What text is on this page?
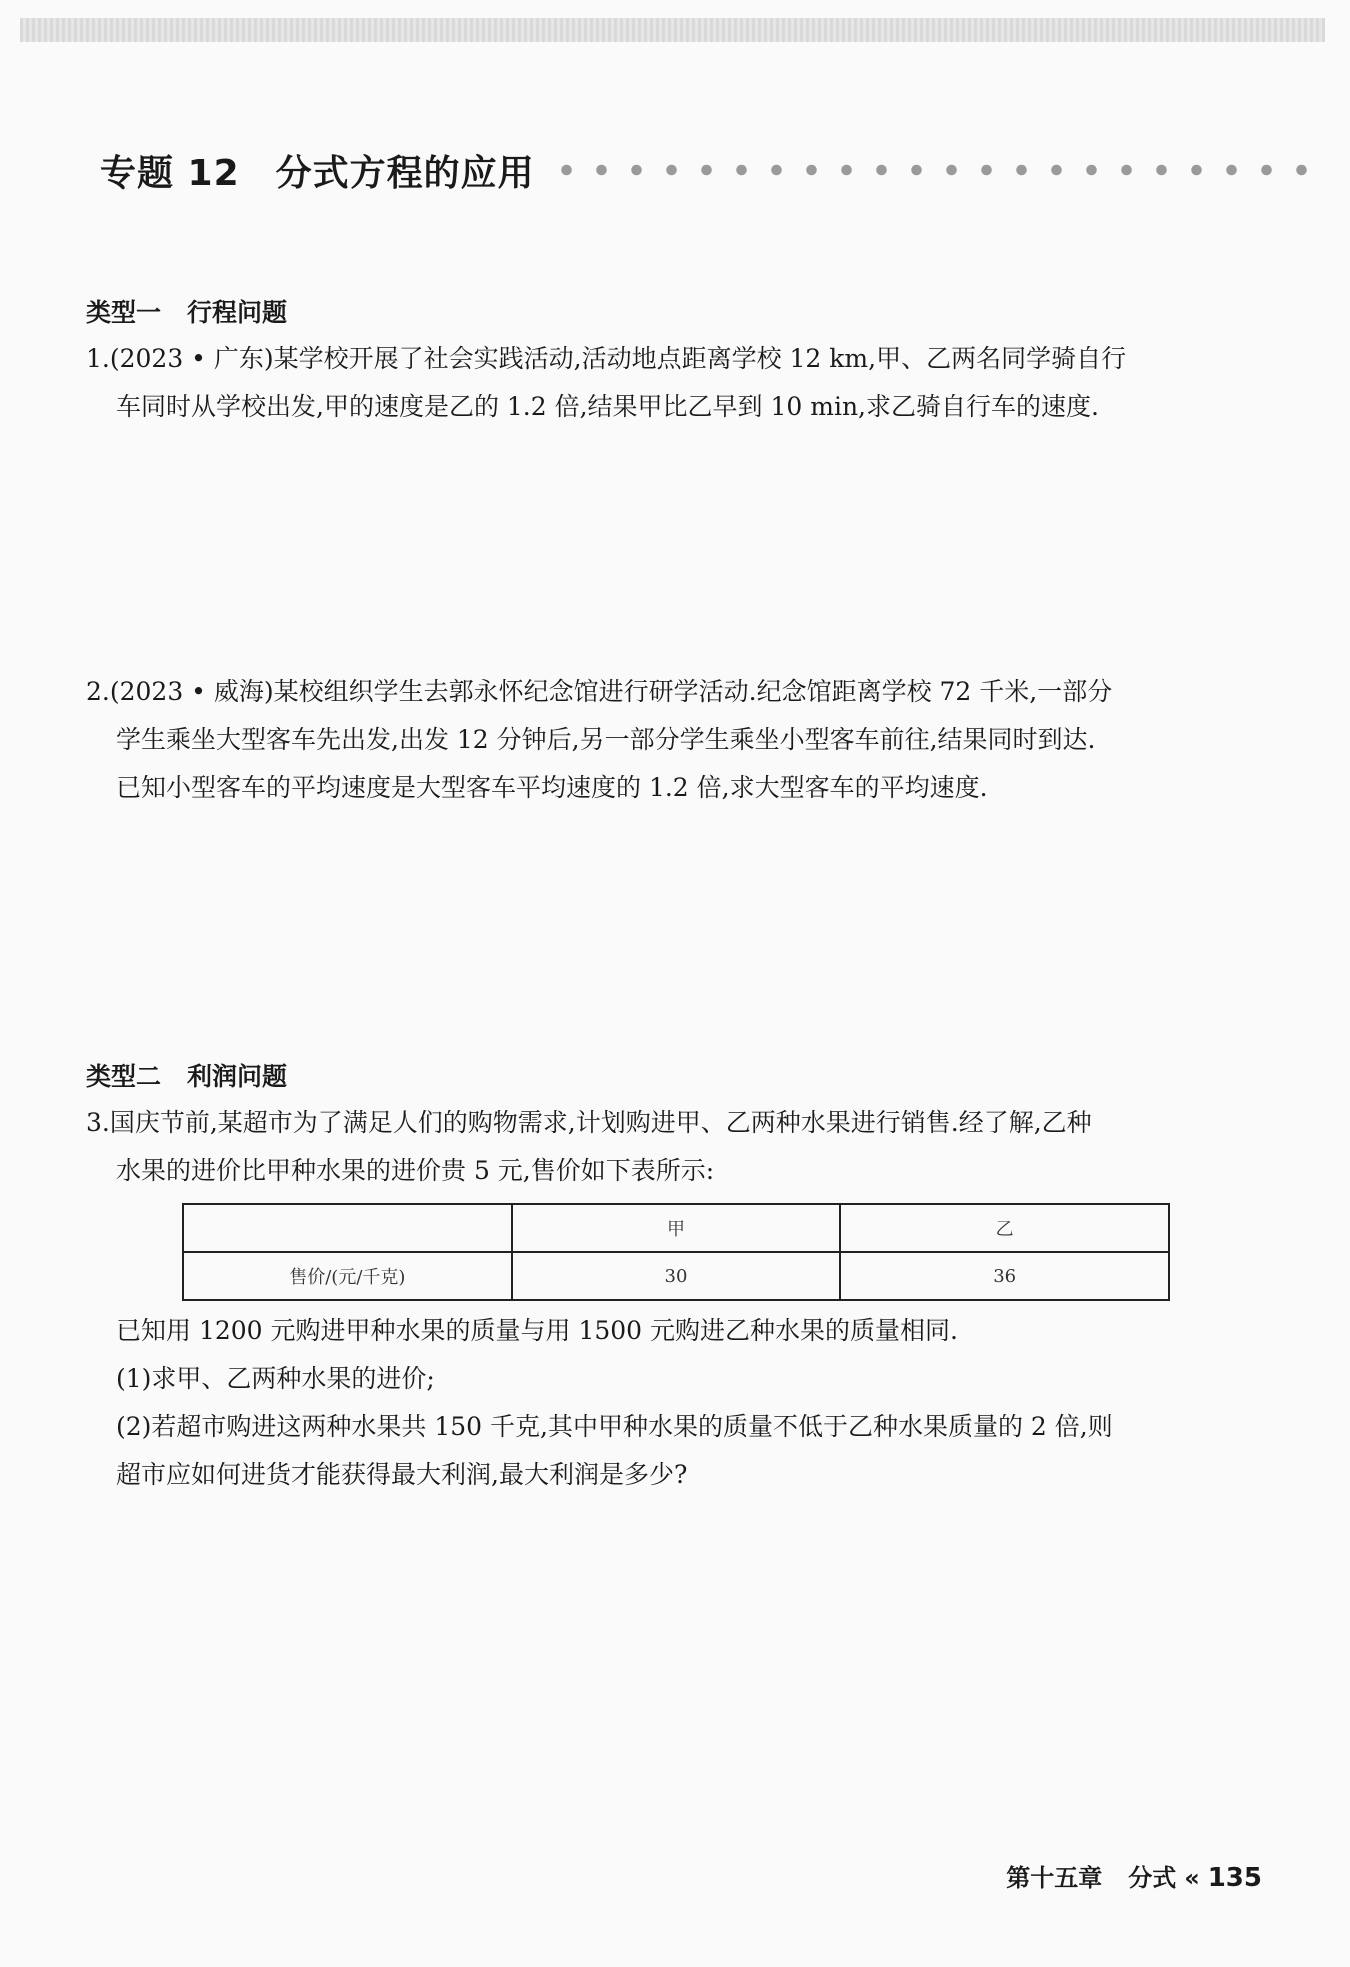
专题 12 分式方程的应用
类型一 行程问题
1.(2023 • 广东)某学校开展了社会实践活动,活动地点距离学校 12 km,甲、乙两名同学骑自行
车同时从学校出发,甲的速度是乙的 1.2 倍,结果甲比乙早到 10 min,求乙骑自行车的速度.
2.(2023 • 威海)某校组织学生去郭永怀纪念馆进行研学活动.纪念馆距离学校 72 千米,一部分
学生乘坐大型客车先出发,出发 12 分钟后,另一部分学生乘坐小型客车前往,结果同时到达.
已知小型客车的平均速度是大型客车平均速度的 1.2 倍,求大型客车的平均速度.
类型二 利润问题
3.国庆节前,某超市为了满足人们的购物需求,计划购进甲、乙两种水果进行销售.经了解,乙种
水果的进价比甲种水果的进价贵 5 元,售价如下表所示:
	甲	乙
售价/(元/千克)	30	36
已知用 1200 元购进甲种水果的质量与用 1500 元购进乙种水果的质量相同.
(1)求甲、乙两种水果的进价;
(2)若超市购进这两种水果共 150 千克,其中甲种水果的质量不低于乙种水果质量的 2 倍,则
超市应如何进货才能获得最大利润,最大利润是多少?
第十五章 分式 « 135
